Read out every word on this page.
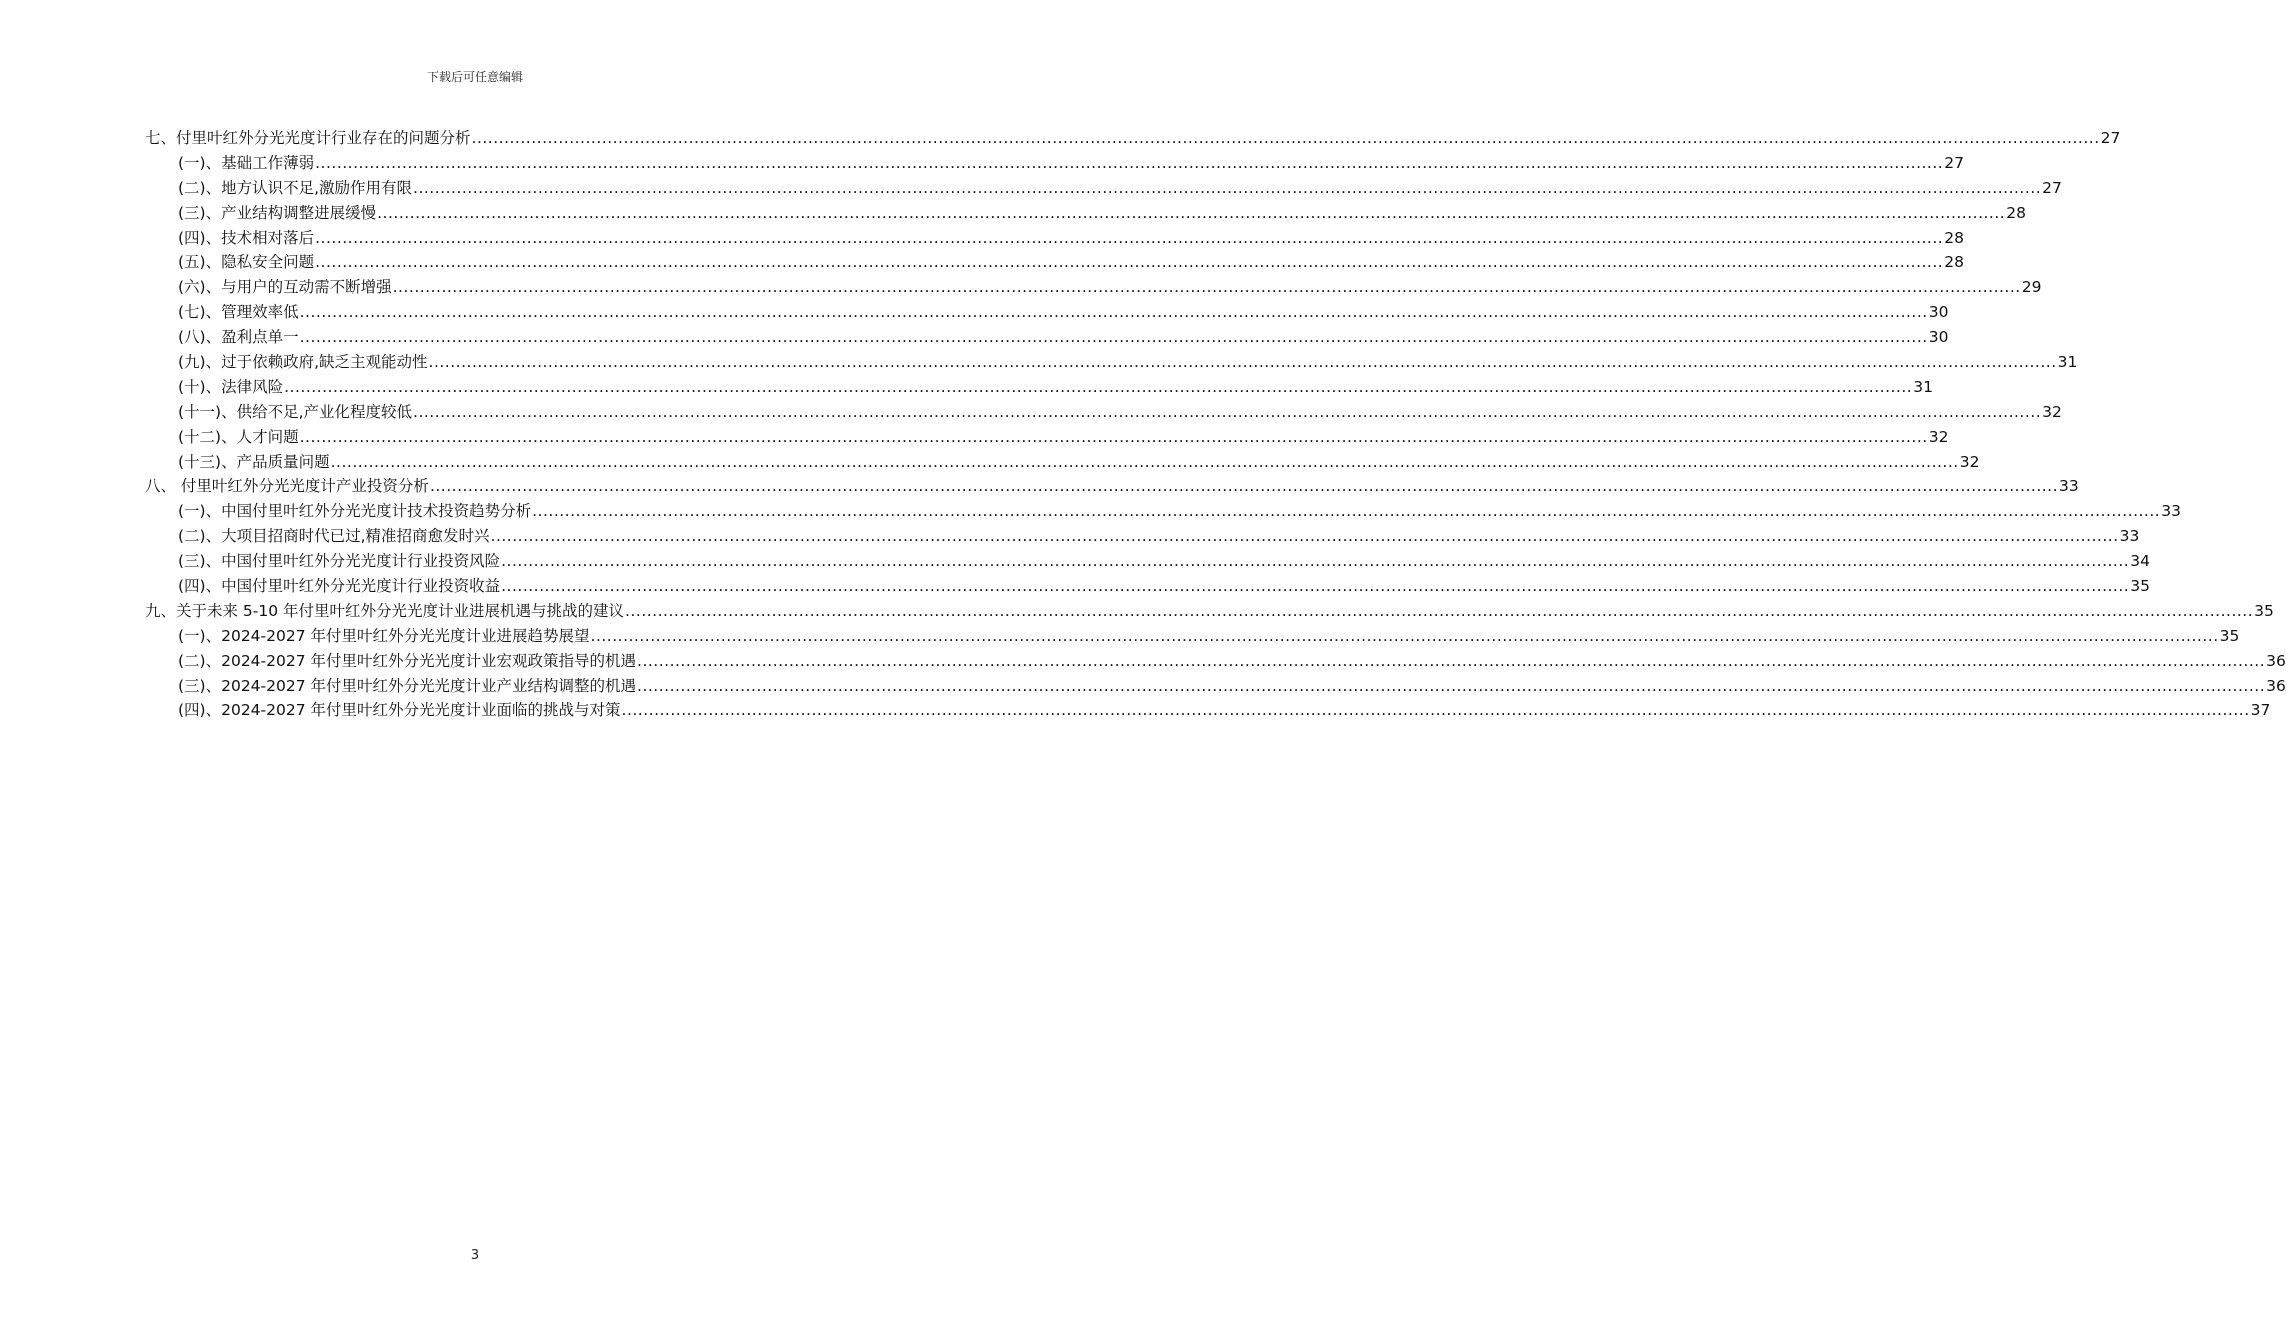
下载后可任意编辑
七、付里叶红外分光光度计行业存在的问题分析 ............................................................................................................................................................................................................................................................................................................ 27
(一)、基础工作薄弱 ............................................................................................................................................................................................................................................................................................................ 27
(二)、地方认识不足,激励作用有限 ............................................................................................................................................................................................................................................................................................................ 27
(三)、产业结构调整进展缓慢 ............................................................................................................................................................................................................................................................................................................ 28
(四)、技术相对落后 ............................................................................................................................................................................................................................................................................................................ 28
(五)、隐私安全问题 ............................................................................................................................................................................................................................................................................................................ 28
(六)、与用户的互动需不断增强 ............................................................................................................................................................................................................................................................................................................ 29
(七)、管理效率低 ............................................................................................................................................................................................................................................................................................................ 30
(八)、盈利点单一 ............................................................................................................................................................................................................................................................................................................ 30
(九)、过于依赖政府,缺乏主观能动性 ............................................................................................................................................................................................................................................................................................................ 31
(十)、法律风险 ............................................................................................................................................................................................................................................................................................................ 31
(十一)、供给不足,产业化程度较低 ............................................................................................................................................................................................................................................................................................................ 32
(十二)、人才问题 ............................................................................................................................................................................................................................................................................................................ 32
(十三)、产品质量问题 ............................................................................................................................................................................................................................................................................................................ 32
八、 付里叶红外分光光度计产业投资分析 ............................................................................................................................................................................................................................................................................................................ 33
(一)、中国付里叶红外分光光度计技术投资趋势分析 ............................................................................................................................................................................................................................................................................................................ 33
(二)、大项目招商时代已过,精准招商愈发时兴 ............................................................................................................................................................................................................................................................................................................ 33
(三)、中国付里叶红外分光光度计行业投资风险 ............................................................................................................................................................................................................................................................................................................ 34
(四)、中国付里叶红外分光光度计行业投资收益 ............................................................................................................................................................................................................................................................................................................ 35
九、关于未来 5-10 年付里叶红外分光光度计业进展机遇与挑战的建议 ............................................................................................................................................................................................................................................................................................................ 35
(一)、2024-2027 年付里叶红外分光光度计业进展趋势展望 ............................................................................................................................................................................................................................................................................................................ 35
(二)、2024-2027 年付里叶红外分光光度计业宏观政策指导的机遇 ............................................................................................................................................................................................................................................................................................................ 36
(三)、2024-2027 年付里叶红外分光光度计业产业结构调整的机遇 ............................................................................................................................................................................................................................................................................................................ 36
(四)、2024-2027 年付里叶红外分光光度计业面临的挑战与对策 ............................................................................................................................................................................................................................................................................................................ 37
3
